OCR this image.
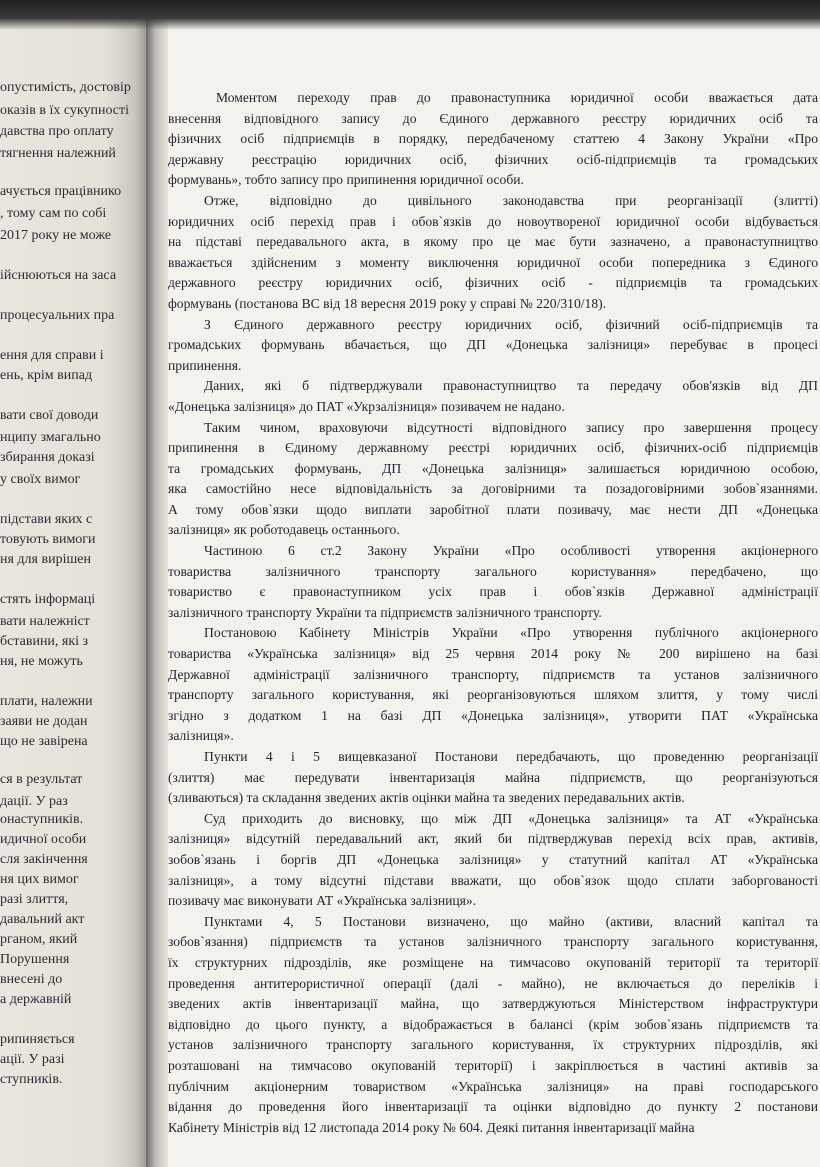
опустимість, достовір
оказів в їх сукупності
давства про оплату
тягнення належний
ачується працівнико
, тому сам по собі
2017 року не може
ійснюються на заса
процесуальних пра
ення для справи і
ень, крім випад
вати свої доводи
нципу змагально
збирання доказі
у своїх вимог
підстави яких с
товують вимоги
ня для вирішен
стять інформаці
вати належніст
бставини, які з
ня, не можуть
плати, належни
заяви не додан
що не завірена
ся в результат
дації. У раз
онаступників.
идичної особи
сля закінчення
ня цих вимог
разі злиття,
давальний акт
рганом, який
Порушення
внесені до
а державній
рипиняється
ації. У разі
ступників.

Моментом переходу прав до правонаступника юридичної особи вважається дата
внесення відповідного запису до Єдиного державного реєстру юридичних осіб та
фізичних осіб підприємців в порядку, передбаченому статтею 4 Закону України «Про
державну реєстрацію юридичних осіб, фізичних осіб-підприємців та громадських
формувань», тобто запису про припинення юридичної особи.

Отже, відповідно до цивільного законодавства при реорганізації (злитті)
юридичних осіб перехід прав і обов`язків до новоутвореної юридичної особи відбувається
на підставі передавального акта, в якому про це має бути зазначено, а правонаступництво
вважається здійсненим з моменту виключення юридичної особи попередника з Єдиного
державного реєстру юридичних осіб, фізичних осіб - підприємців та громадських
формувань (постанова ВС від 18 вересня 2019 року у справі № 220/310/18).

З Єдиного державного реєстру юридичних осіб, фізичний осіб-підприємців та
громадських формувань вбачається, що ДП «Донецька залізниця» перебуває в процесі
припинення.

Даних, які б підтверджували правонаступництво та передачу обов'язків від ДП
«Донецька залізниця» до ПАТ «Укрзалізниця» позивачем не надано.

Таким чином, враховуючи відсутності відповідного запису про завершення процесу
припинення в Єдиному державному реєстрі юридичних осіб, фізичних-осіб підприємців
та громадських формувань, ДП «Донецька залізниця» залишається юридичною особою,
яка самостійно несе відповідальність за договірними та позадоговірними зобов`язаннями.
А тому обов`язки щодо виплати заробітної плати позивачу, має нести ДП «Донецька
залізниця» як роботодавець останнього.

Частиною 6 ст.2 Закону України «Про особливості утворення акціонерного
товариства залізничного транспорту загального користування» передбачено, що
товариство є правонаступником усіх прав і обов`язків Державної адміністрації
залізничного транспорту України та підприємств залізничного транспорту.

Постановою Кабінету Міністрів України «Про утворення публічного акціонерного
товариства «Українська залізниця» від 25 червня 2014 року № 200 вирішено на базі
Державної адміністрації залізничного транспорту, підприємств та установ залізничного
транспорту загального користування, які реорганізовуються шляхом злиття, у тому числі
згідно з додатком 1 на базі ДП «Донецька залізниця», утворити ПАТ «Українська
залізниця».

Пункти 4 і 5 вищевказаної Постанови передбачають, що проведенню реорганізації
(злиття) має передувати інвентаризація майна підприємств, що реорганізуються
(зливаються) та складання зведених актів оцінки майна та зведених передавальних актів.

Суд приходить до висновку, що між ДП «Донецька залізниця» та АТ «Українська
залізниця» відсутній передавальний акт, який би підтверджував перехід всіх прав, активів,
зобов`язань і боргів ДП «Донецька залізниця» у статутний капітал АТ «Українська
залізниця», а тому відсутні підстави вважати, що обов`язок щодо сплати заборгованості
позивачу має виконувати АТ «Українська залізниця».

Пунктами 4, 5 Постанови визначено, що майно (активи, власний капітал та
зобов`язання) підприємств та установ залізничного транспорту загального користування,
їх структурних підрозділів, яке розміщене на тимчасово окупованій території та території
проведення антитерористичної операції (далі - майно), не включається до переліків і
зведених актів інвентаризації майна, що затверджуються Міністерством інфраструктури
відповідно до цього пункту, а відображається в балансі (крім зобов`язань підприємств та
установ залізничного транспорту загального користування, їх структурних підрозділів, які
розташовані на тимчасово окупованій території) і закріплюється в частині активів за
публічним акціонерним товариством «Українська залізниця» на праві господарського
відання до проведення його інвентаризації та оцінки відповідно до пункту 2 постанови
Кабінету Міністрів від 12 листопада 2014 року № 604. Деякі питання інвентаризації майна
